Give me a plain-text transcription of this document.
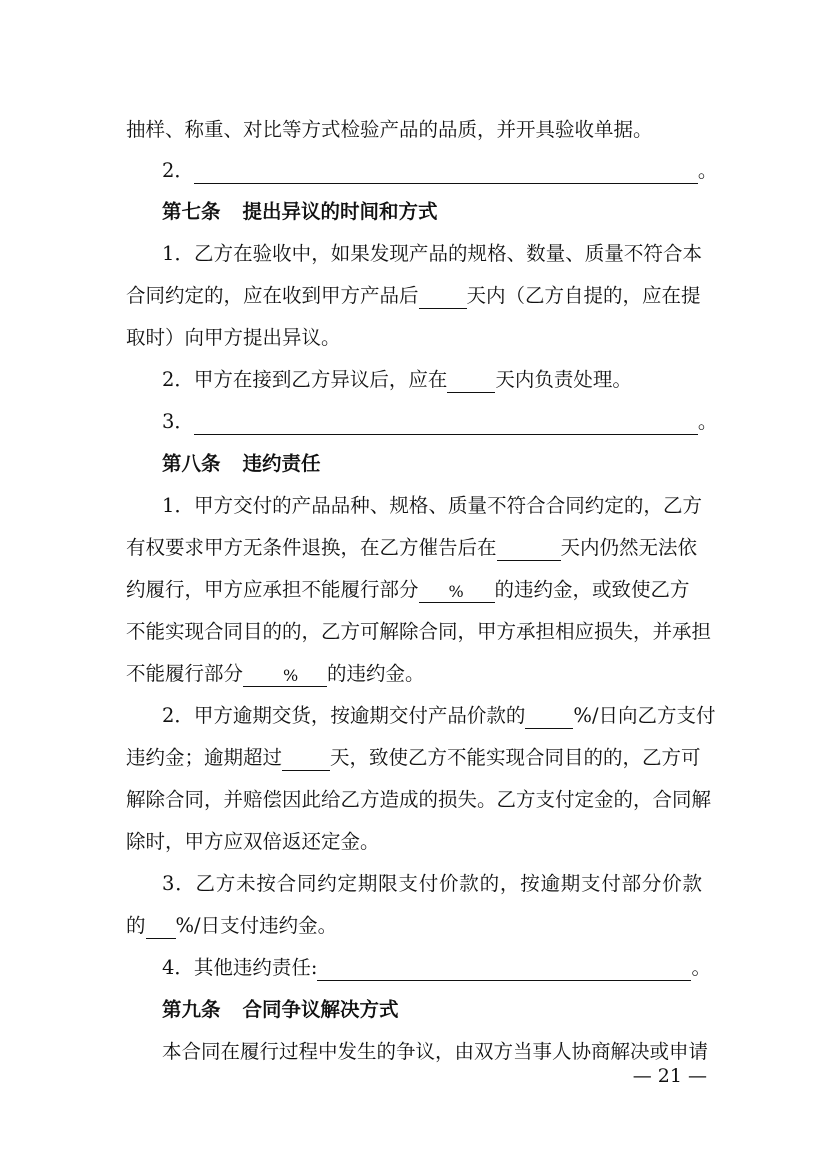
抽样、称重、对比等方式检验产品的品质，并开具验收单据。
2．	。
第七条 提出异议的时间和方式
1．乙方在验收中，如果发现产品的规格、数量、质量不符合本
合同约定的，应在收到甲方产品后 天内（乙方自提的，应在提
取时）向甲方提出异议。
2．甲方在接到乙方异议后，应在 天内负责处理。
3．	。
第八条 违约责任
1．甲方交付的产品品种、规格、质量不符合合同约定的，乙方
有权要求甲方无条件退换，在乙方催告后在	天内仍然无法依
约履行，甲方应承担不能履行部分 % 的违约金，或致使乙方
不能实现合同目的的，乙方可解除合同，甲方承担相应损失，并承担
不能履行部分	% 的违约金。
2．甲方逾期交货，按逾期交付产品价款的 %/日向乙方支付
违约金；逾期超过 天，致使乙方不能实现合同目的的，乙方可
解除合同，并赔偿因此给乙方造成的损失。乙方支付定金的，合同解
除时，甲方应双倍返还定金。
3．乙方未按合同约定期限支付价款的，按逾期支付部分价款
的 %/日支付违约金。
4．其他违约责任:	。
第九条 合同争议解决方式
本合同在履行过程中发生的争议，由双方当事人协商解决或申请
— 21 —
